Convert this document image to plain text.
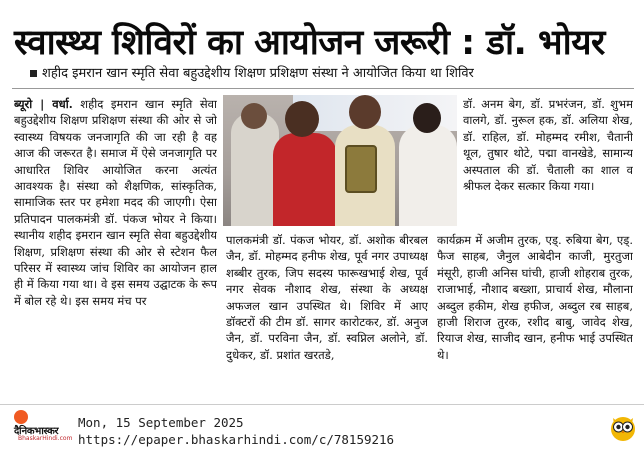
स्वास्थ्य शिविरों का आयोजन जरूरी : डॉ. भोयर
शहीद इमरान खान स्मृति सेवा बहुउद्देशीय शिक्षण प्रशिक्षण संस्था ने आयोजित किया था शिविर
ब्यूरो | वर्धा. शहीद इमरान खान स्मृति सेवा बहुउद्देशीय शिक्षण प्रशिक्षण संस्था की ओर से जो स्वास्थ्य विषयक जनजागृति की जा रही है वह आज की जरूरत है। समाज में ऐसे जनजागृति पर आधारित शिविर आयोजित करना अत्यंत आवश्यक है। संस्था को शैक्षणिक, सांस्कृतिक, सामाजिक स्तर पर हमेशा मदद की जाएगी। ऐसा प्रतिपादन पालकमंत्री डॉ. पंकज भोयर ने किया। स्थानीय शहीद इमरान खान स्मृति सेवा बहुउद्देशीय शिक्षण, प्रशिक्षण संस्था की ओर से स्टेशन फैल परिसर में स्वास्थ्य जांच शिविर का आयोजन हाल ही में किया गया था। वे इस समय उद्घाटक के रूप में बोल रहे थे। इस समय मंच पर
डॉ. अनम बेग, डॉ. प्रभरंजन, डॉ. शुभम वालगे, डॉ. नुरूल हक, डॉ. अलिया शेख, डॉ. राहिल, डॉ. मोहम्मद रमीश, चैतानी थूल, तुषार थोटे, पद्मा वानखेडे, सामान्य अस्पताल की डॉ. चैताली का शाल व श्रीफल देकर सत्कार किया गया।
पालकमंत्री डॉ. पंकज भोयर, डॉ. अशोक बीरबल जैन, डॉ. मोहम्मद हनीफ शेख, पूर्व नगर उपाध्यक्ष शब्बीर तुरक, जिप सदस्य फारूखभाई शेख, पूर्व नगर सेवक नौशाद शेख, संस्था के अध्यक्ष अफजल खान उपस्थित थे। शिविर में आए डॉक्टरों की टीम डॉ. सागर कारोटकर, डॉ. अनुज जैन, डॉ. परविना जैन, डॉ. स्वप्निल अलोने, डॉ. दुधेकर, डॉ. प्रशांत खरतडे,
कार्यक्रम में अजीम तुरक, एड्. रुबिया बेग, एड्. फैज साहब, जैनुल आबेदीन काजी, मुरतुजा मंसूरी, हाजी अनिस घांची, हाजी शोहराब तुरक, राजाभाई, नौशाद बख्शा, प्राचार्य शेख, मौलाना अब्दुल हकीम, शेख हफीज, अब्दुल रब साहब, हाजी शिराज तुरक, रशीद बाबु, जावेद शेख, रियाज शेख, साजीद खान, हनीफ भाई उपस्थित थे।
दैनिकभास्कर
BhaskarHindi.com
Mon, 15 September 2025
https://epaper.bhaskarhindi.com/c/78159216
